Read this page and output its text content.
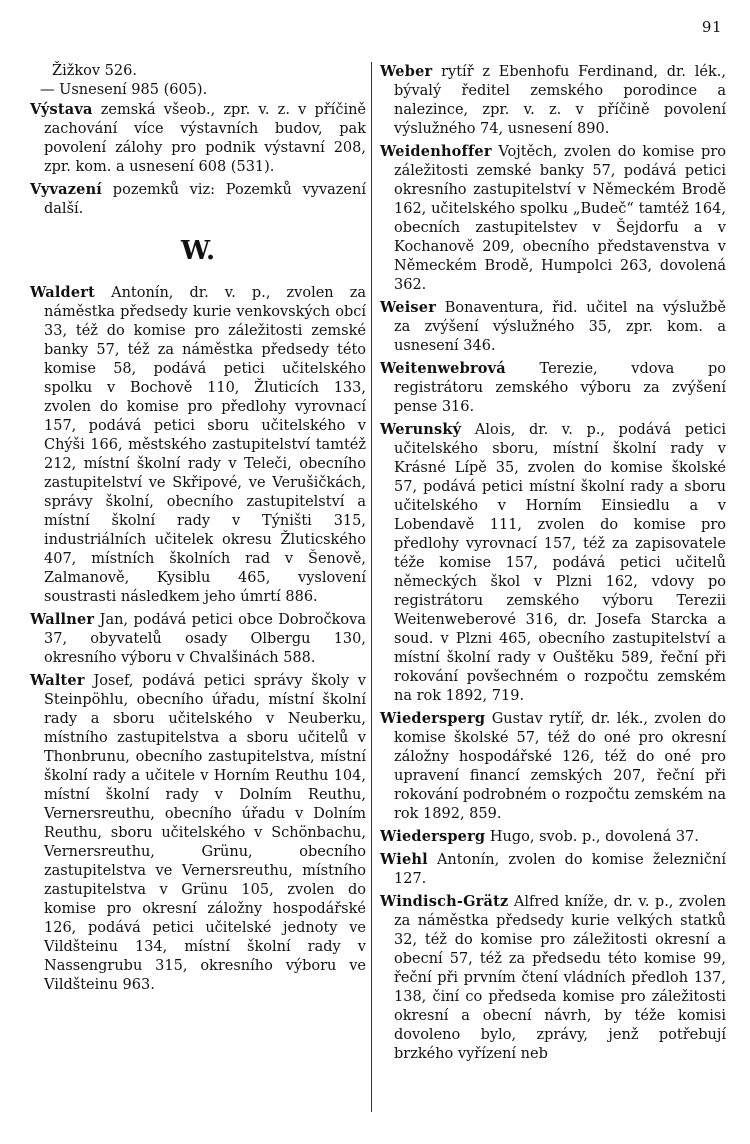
91
Žižkov 526.
— Usnesení 985 (605).

Výstava zemská všeob., zpr. v. z. v příčině zachování více výstavních budov, pak povolení zálohy pro podnik výstavní 208, zpr. kom. a usnesení 608 (531).

Vyvazení pozemků viz: Pozemků vyvazení další.

W.

Waldert Antonín, dr. v. p., zvolen za náměstka předsedy kurie venkovských obcí 33, též do komise pro záležitosti zemské banky 57, též za náměstka předsedy této komise 58, podává petici učitelského spolku v Bochově 110, Žluticích 133, zvolen do komise pro předlohy vyrovnací 157, podává petici sboru učitelského v Chýši 166, městského zastupitelství tamtéž 212, místní školní rady v Teleči, obecního zastupitelství ve Skřipové, ve Verušičkách, správy školní, obecního zastupitelství a místní školní rady v Týništi 315, industriálních učitelek okresu Žluticského 407, místních školních rad v Šenově, Zalmanově, Kysiblu 465, vyslovení soustrasti následkem jeho úmrtí 886.

Wallner Jan, podává petici obce Dobročkova 37, obyvatelů osady Olbergu 130, okresního výboru v Chvalšinách 588.

Walter Josef, podává petici správy školy v Steinpöhlu, obecního úřadu, místní školní rady a sboru učitelského v Neuberku, místního zastupitelstva a sboru učitelů v Thonbrunu, obecního zastupitelstva, místní školní rady a učitele v Horním Reuthu 104, místní školní rady v Dolním Reuthu, Vernersreuthu, obecního úřadu v Dolním Reuthu, sboru učitelského v Schönbachu, Vernersreuthu, Grünu, obecního zastupitelstva ve Vernersreuthu, místního zastupitelstva v Grünu 105, zvolen do komise pro okresní záložny hospodářské 126, podává petici učitelské jednoty ve Vildšteinu 134, místní školní rady v Nassengrubu 315, okresního výboru ve Vildšteinu 963.

Weber rytíř z Ebenhofu Ferdinand, dr. lék., bývalý ředitel zemského porodince a nalezince, zpr. v. z. v příčině povolení výslužného 74, usnesení 890.

Weidenhoffer Vojtěch, zvolen do komise pro záležitosti zemské banky 57, podává petici okresního zastupitelství v Německém Brodě 162, učitelského spolku „Budeč“ tamtéž 164, obecních zastupitelstev v Šejdorfu a v Kochanově 209, obecního představenstva v Německém Brodě, Humpolci 263, dovolená 362.

Weiser Bonaventura, řid. učitel na výslužbě za zvýšení výslužného 35, zpr. kom. a usnesení 346.

Weitenwebrová Terezie, vdova po registrátoru zemského výboru za zvýšení pense 316.

Werunský Alois, dr. v. p., podává petici učitelského sboru, místní školní rady v Krásné Lípě 35, zvolen do komise školské 57, podává petici místní školní rady a sboru učitelského v Horním Einsiedlu a v Lobendavě 111, zvolen do komise pro předlohy vyrovnací 157, též za zapisovatele téže komise 157, podává petici učitelů německých škol v Plzni 162, vdovy po registrátoru zemského výboru Terezii Weitenweberové 316, dr. Josefa Starcka a soud. v Plzni 465, obecního zastupitelství a místní školní rady v Ouštěku 589, řeční při rokování povšechném o rozpočtu zemském na rok 1892, 719.

Wiedersperg Gustav rytíř, dr. lék., zvolen do komise školské 57, též do oné pro okresní záložny hospodářské 126, též do oné pro upravení financí zemských 207, řeční při rokování podrobném o rozpočtu zemském na rok 1892, 859.

Wiedersperg Hugo, svob. p., dovolená 37.

Wiehl Antonín, zvolen do komise železniční 127.

Windisch-Grätz Alfred kníže, dr. v. p., zvolen za náměstka předsedy kurie velkých statků 32, též do komise pro záležitosti okresní a obecní 57, též za předsedu této komise 99, řeční při prvním čtení vládních předloh 137, 138, činí co předseda komise pro záležitosti okresní a obecní návrh, by téže komisi dovoleno bylo, zprávy, jenž potřebují brzkého vyřízení neb
